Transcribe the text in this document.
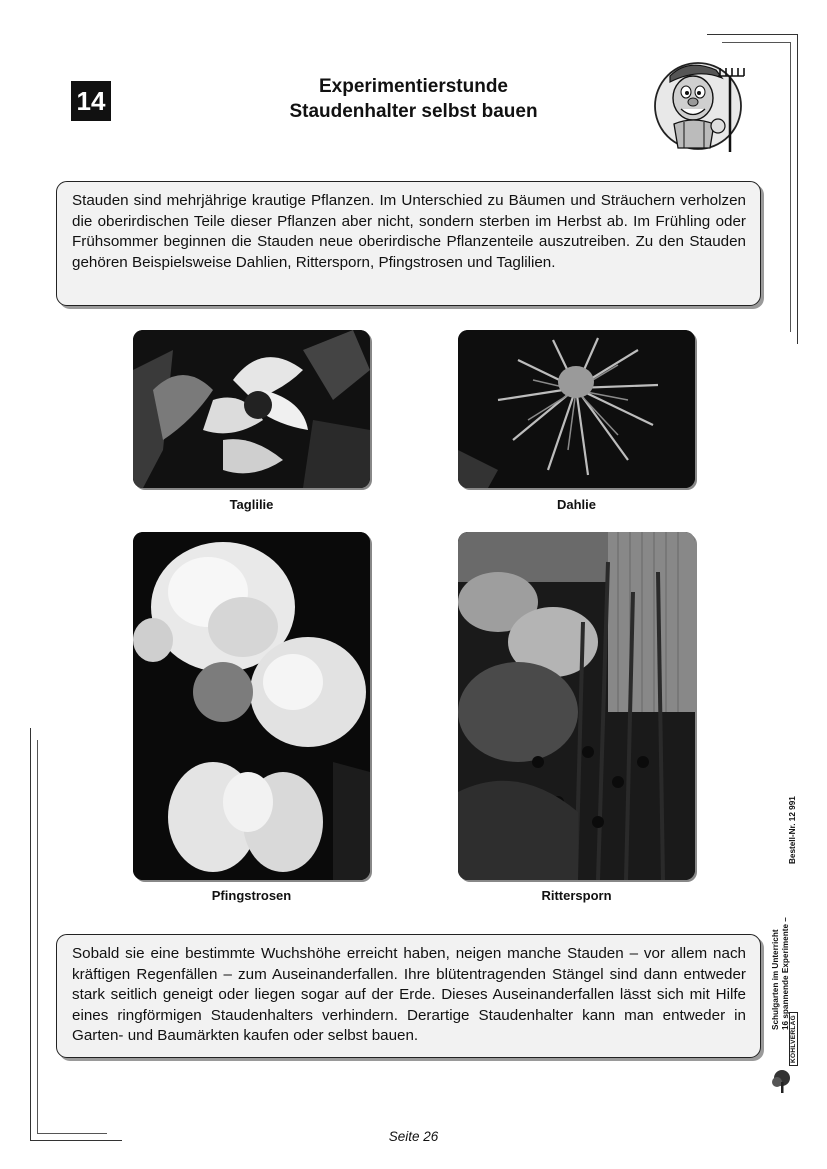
14	Experimentierstunde
Staudenhalter selbst bauen
Stauden sind mehrjährige krautige Pflanzen. Im Unterschied zu Bäumen und Sträuchern verholzen die oberirdischen Teile dieser Pflanzen aber nicht, sondern sterben im Herbst ab. Im Frühling oder Frühsommer beginnen die Stauden neue oberirdische Pflanzenteile auszutreiben. Zu den Stauden gehören Beispielsweise Dahlien, Rittersporn, Pfingstrosen und Taglilien.
Taglilie	Dahlie
Pfingstrosen	Rittersporn
Sobald sie eine bestimmte Wuchshöhe erreicht haben, neigen manche Stauden – vor allem nach kräftigen Regenfällen – zum Auseinanderfallen. Ihre blütentragenden Stängel sind dann entweder stark seitlich geneigt oder liegen sogar auf der Erde. Dieses Auseinanderfallen lässt sich mit Hilfe eines ringförmigen Staudenhalters verhindern. Derartige Staudenhalter kann man entweder in Garten- und Baumärkten kaufen oder selbst bauen.
Schulgarten im Unterricht 16 spannende Experimente –
Bestell-Nr. 12 991
KOHLVERLAG
Seite 26
